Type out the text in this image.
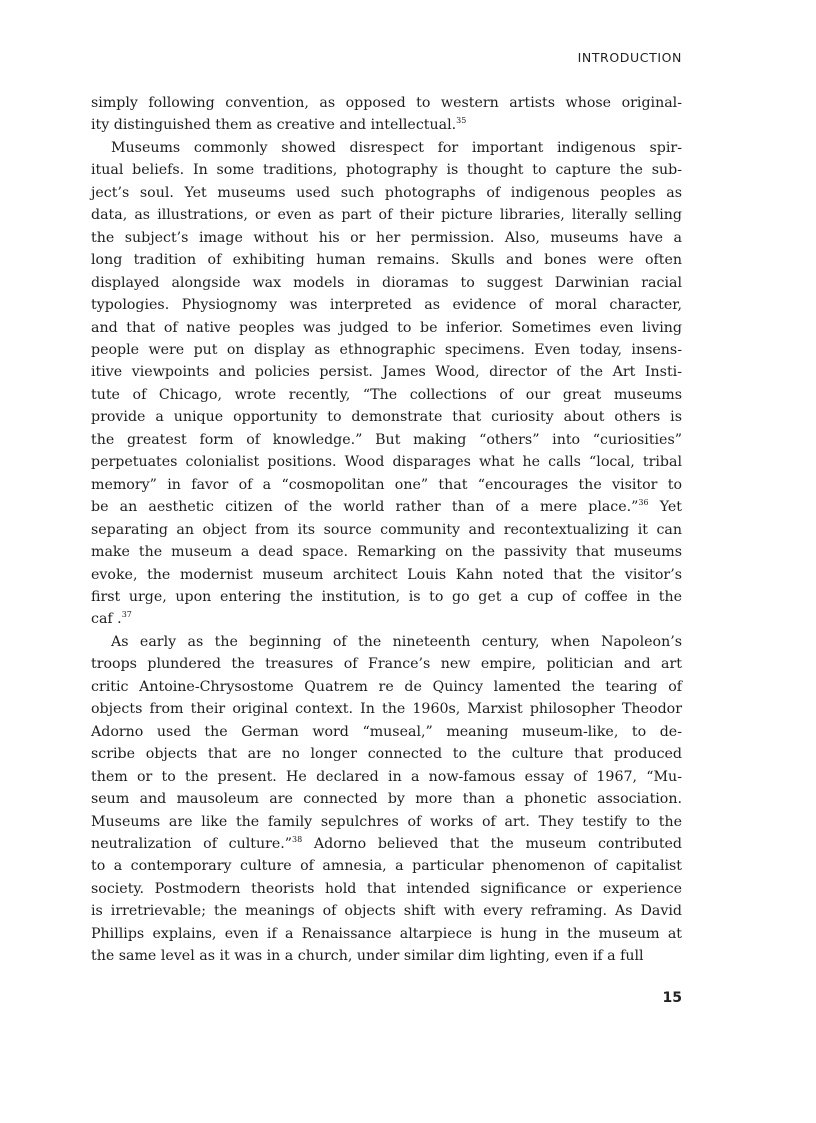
INTRODUCTION
simply following convention, as opposed to western artists whose original-
ity distinguished them as creative and intellectual.$^{35}$
Museums commonly showed disrespect for important indigenous spir-
itual beliefs. In some traditions, photography is thought to capture the sub-
ject’s soul. Yet museums used such photographs of indigenous peoples as
data, as illustrations, or even as part of their picture libraries, literally selling
the subject’s image without his or her permission. Also, museums have a
long tradition of exhibiting human remains. Skulls and bones were often
displayed alongside wax models in dioramas to suggest Darwinian racial
typologies. Physiognomy was interpreted as evidence of moral character,
and that of native peoples was judged to be inferior. Sometimes even living
people were put on display as ethnographic specimens. Even today, insens-
itive viewpoints and policies persist. James Wood, director of the Art Insti-
tute of Chicago, wrote recently, “The collections of our great museums
provide a unique opportunity to demonstrate that curiosity about others is
the greatest form of knowledge.” But making “others” into “curiosities”
perpetuates colonialist positions. Wood disparages what he calls “local, tribal
memory” in favor of a “cosmopolitan one” that “encourages the visitor to
be an aesthetic citizen of the world rather than of a mere place.”$^{36}$ Yet
separating an object from its source community and recontextualizing it can
make the museum a dead space. Remarking on the passivity that museums
evoke, the modernist museum architect Louis Kahn noted that the visitor’s
first urge, upon entering the institution, is to go get a cup of coffee in the
caf .$^{37}$
As early as the beginning of the nineteenth century, when Napoleon’s
troops plundered the treasures of France’s new empire, politician and art
critic Antoine-Chrysostome Quatrem re de Quincy lamented the tearing of
objects from their original context. In the 1960s, Marxist philosopher Theodor
Adorno used the German word “museal,” meaning museum-like, to de-
scribe objects that are no longer connected to the culture that produced
them or to the present. He declared in a now-famous essay of 1967, “Mu-
seum and mausoleum are connected by more than a phonetic association.
Museums are like the family sepulchres of works of art. They testify to the
neutralization of culture.”$^{38}$ Adorno believed that the museum contributed
to a contemporary culture of amnesia, a particular phenomenon of capitalist
society. Postmodern theorists hold that intended significance or experience
is irretrievable; the meanings of objects shift with every reframing. As David
Phillips explains, even if a Renaissance altarpiece is hung in the museum at
the same level as it was in a church, under similar dim lighting, even if a full
15
